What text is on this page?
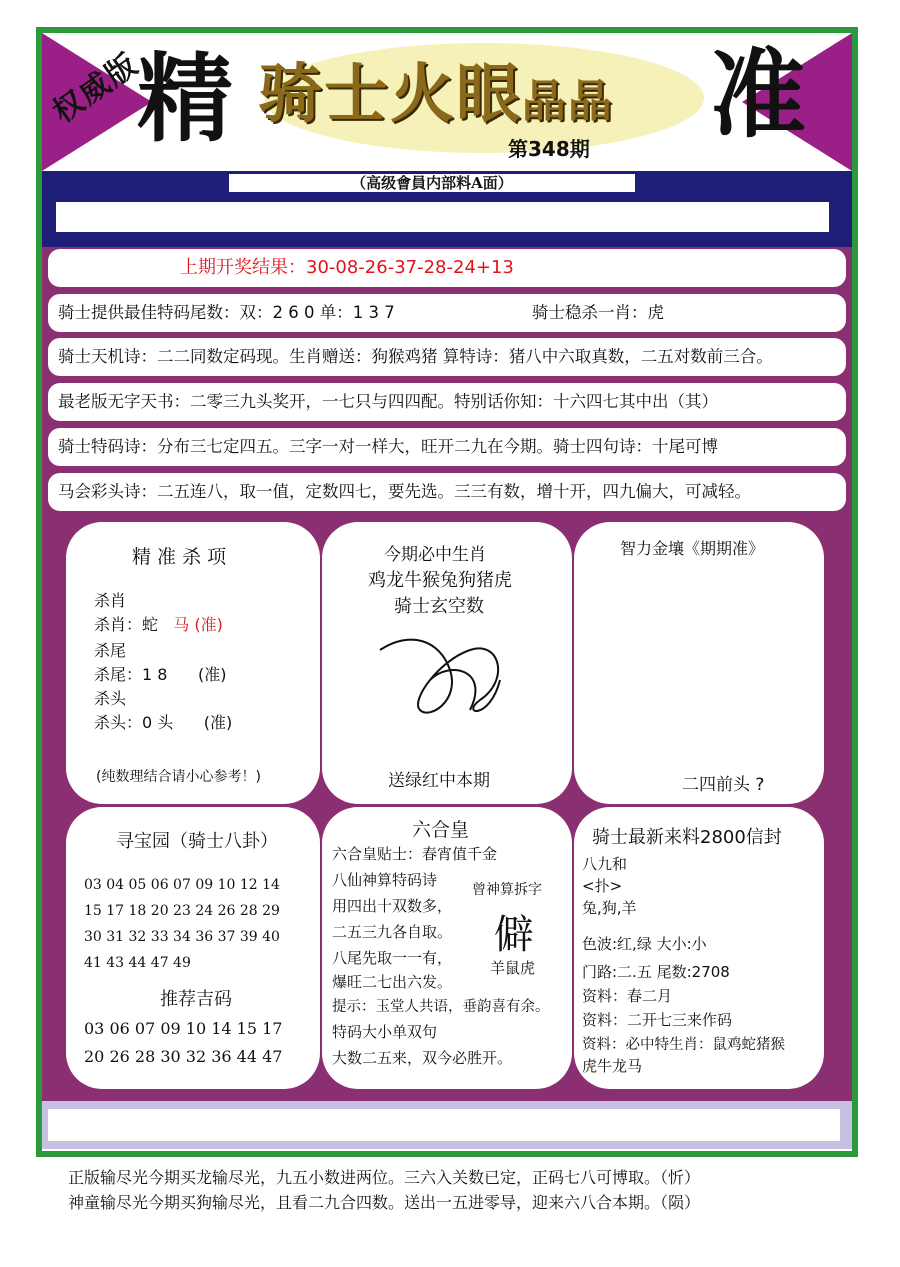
权威版
精 骑士火眼晶晶 准
第348期
（高级會員内部料A面）
上期开奖结果：30-08-26-37-28-24+13
骑士提供最佳特码尾数：双：2 6 0 单：1 3 7	骑士稳杀一肖：虎
骑士天机诗：二二同数定码现。生肖赠送：狗猴鸡猪 算特诗：猪八中六取真数，二五对数前三合。
最老版无字天书：二零三九头奖开，一七只与四四配。特别话你知：十六四七其中出（其）
骑士特码诗：分布三七定四五。三字一对一样大，旺开二九在今期。骑士四句诗：十尾可博
马会彩头诗：二五连八，取一值，定数四七，要先选。三三有数，增十开，四九偏大，可减轻。
精 准 杀 项
杀肖
杀肖：蛇 马 (准)
杀尾
杀尾：1 8 (准)
杀头
杀头：0 头 (准)
(纯数理结合请小心参考！)
今期必中生肖
鸡龙牛猴兔狗猪虎
骑士玄空数
送绿红中本期
智力金壤《期期准》
二四前头 ?
寻宝园（骑士八卦）
03 04 05 06 07 09 10 12 14
15 17 18 20 23 24 26 28 29
30 31 32 33 34 36 37 39 40
41 43 44 47 49
推荐吉码
03 06 07 09 10 14 15 17
20 26 28 30 32 36 44 47
六合皇
六合皇贴士：春宵值千金
八仙神算特码诗
用四出十双数多，
二五三九各自取。
八尾先取一一有，
爆旺二七出六发。
提示：玉堂人共语，垂韵喜有余。
特码大小单双句
大数二五来，双今必胜开。
曾神算拆字
僻
羊鼠虎
骑士最新来料2800信封
八九和
<扑>
兔,狗,羊
色波:红,绿 大小:小
门路:二.五 尾数:2708
资料：春二月
资料：二开七三来作码
资料：必中特生肖：鼠鸡蛇猪猴
虎牛龙马
正版输尽光今期买龙输尽光，九五小数进两位。三六入关数已定，正码七八可博取。（忻）
神童输尽光今期买狗输尽光，且看二九合四数。送出一五进零导，迎来六八合本期。（陨）
